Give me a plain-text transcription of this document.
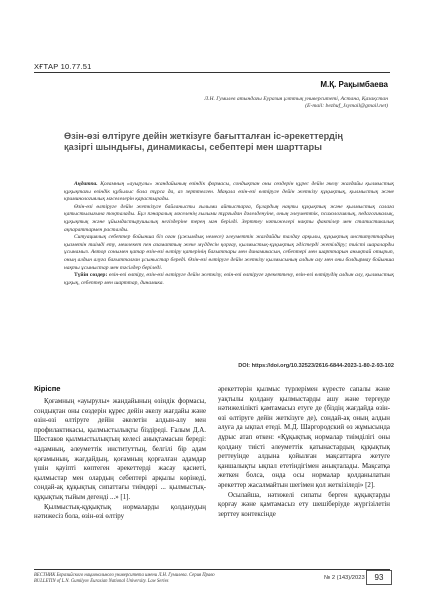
ХҒТАР 10.77.51
М.Қ. Рақымбаева
Л.Н. Гумилев атындағы Еуразия ұлттық университеті, Астана, Қазақстан
(E-mail: bezhuf_Jsymail@gmail.net)
Өзін-өзі өлтіруге дейін жеткізуге бағытталған іс-әрекеттердің қазіргі шындығы, динамикасы, себептері мен шарттары

Аңдатпа. Қоғамның «ауырулы» жандайының өзіндік формасы, сондықтан оны сөздерін құрес дейін әкелу жағдайы қылмыстық құқықтағы өзіндік құбылыс бола тұрса да, аз зерттелген. Мақала өзін-өзі өлтіруге дейін жеткізу құқықтық, қылмыстық және криминологиялық мәселелерін қарастырады.

Өзін-өзі өлтіруге дейін жеткізуге байланысты ғылыми айтыстарға, бұлардың нақты құқықтық және қылмыстық салаға қатыстылығына тоқталады. Бұл пәнаралық мәселенің ғылыми тұрғыдан дәлелденуіне, оның әлеуметтік, психологиялық, педагогикалық, құқықтық және ұйымдастырушылық негіздеріне терең мән берілді. Зерттеу нәтижелері нақты фактілер мен статистикалық ақпараттармен расталды.

Ситуациялық себептер бойынша біз оған (ұжымдық немесе) әлеуметтік жағдайды талдау арқылы, құқықтық институттардың қызметін тиімді ету, мемлекет пен азаматтың жеке мүддесін қорғау, қылмыстық-құқықтық әдістерді жетілдіру; тиісті шараларды ұсынамыз. Автор сонымен қатар өзін-өзі өлтіру қатерінің бағыттары мен динамикасын, себептері мен шарттарын анықтай отырып, оның алдын алуға бағытталған ұсыныстар береді. Өзін-өзі өлтіруге дейін жеткізу қылмысының алдын алу мен оны болдырмау бойынша нақты ұсыныстар мен тәсілдер беріледі.

Түйін сөздер: өзін-өзі өлтіру, өзін-өзі өлтіруге дейін жеткізу, өзін-өзі өлтіруге әрекеттену, өзін-өзі өлтірудің алдын алу, қылмыстық құқық, себептер мен шарттар, динамика.

DOI: https://doi.org/10.32523/2616-6844-2023-1-80-2-93-102
Кіріспе

Қоғамның «ауырулы» жандайының өзіндік формасы, сондықтан оны сөздерін құрес дейін әкелу жағдайы және өзін-өзі өлтіруге дейін әкелетін алдын-алу мен профилактикасы, қылмыстылықты біздіреді. Ғалым Д.А. Шестаков қылмыстылықтың келесі анықтамасын береді: «адамның, әлеуметтік институттың, белгілі бір адам қоғамының, жағдайдың, қоғамның қорғалған адамдар үшін қауіпті көптеген әрекеттерді жасау қасиеті, қылмыстар мен олардың себептері арқылы көрінеді, сондай-ақ құқықтық сипаттағы тиімдері ... қылмыстық-құқықтық тыйым дегенді ...» [1].

Қылмыстық-құқықтық нормаларды қолданудың нәтижесіз бола, өзін-өзі өлтіру

әрекеттерін қылмыс түрлерімен күресте сапалы және уақтылы қолдану қылмыстарды ашу және тергеуде нәтижелілікті қамтамасыз етуге де (біздің жағдайда өзін-өзі өлтіруге дейін жеткізуге де), сондай-ақ оның алдын алуға да ықпал етеді. М.Д. Шаргородский өз жұмысында дұрыс атап өткен: «Құқықтық нормалар тиімділігі оны қолдану тиісті әлеуметтік қатынастардың құқықтық реттеуінде алдына қойылған мақсаттарға жетуге қаншалықты ықпал ететіндігімен анықталады. Мақсатқа жеткен болса, онда осы нормалар қолданылатын әрекеттер жасалмайтын шегімен қол жеткізіледі» [2].

Осылайша, нәтижелі сипаты берген құқықтарды қорғау және қамтамасыз ету шешіберіуде жүргізілетін зерттеу контексінде

ВЕСТНИК Евразийского национального университета имени Л.Н. Гумилева. Серия Право
BULLETIN of L.N. Gumilyov Eurasian National University. Law Series
№ 2 (143)/2023	93
